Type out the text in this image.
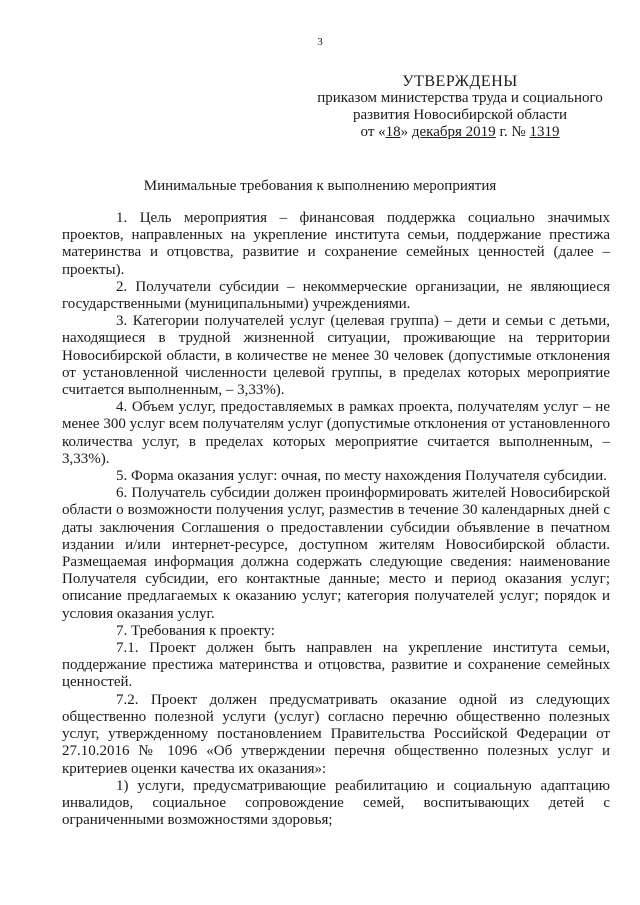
3
УТВЕРЖДЕНЫ
приказом министерства труда и социального
развития Новосибирской области
от «18» декабря 2019 г. № 1319
Минимальные требования к выполнению мероприятия

1. Цель мероприятия – финансовая поддержка социально значимых проектов, направленных на укрепление института семьи, поддержание престижа материнства и отцовства, развитие и сохранение семейных ценностей (далее – проекты).

2. Получатели субсидии – некоммерческие организации, не являющиеся государственными (муниципальными) учреждениями.

3. Категории получателей услуг (целевая группа) – дети и семьи с детьми, находящиеся в трудной жизненной ситуации, проживающие на территории Новосибирской области, в количестве не менее 30 человек (допустимые отклонения от установленной численности целевой группы, в пределах которых мероприятие считается выполненным, – 3,33%).

4. Объем услуг, предоставляемых в рамках проекта, получателям услуг – не менее 300 услуг всем получателям услуг (допустимые отклонения от установленного количества услуг, в пределах которых мероприятие считается выполненным, – 3,33%).

5. Форма оказания услуг: очная, по месту нахождения Получателя субсидии.

6. Получатель субсидии должен проинформировать жителей Новосибирской области о возможности получения услуг, разместив в течение 30 календарных дней с даты заключения Соглашения о предоставлении субсидии объявление в печатном издании и/или интернет-ресурсе, доступном жителям Новосибирской области. Размещаемая информация должна содержать следующие сведения: наименование Получателя субсидии, его контактные данные; место и период оказания услуг; описание предлагаемых к оказанию услуг; категория получателей услуг; порядок и условия оказания услуг.

7. Требования к проекту:

7.1. Проект должен быть направлен на укрепление института семьи, поддержание престижа материнства и отцовства, развитие и сохранение семейных ценностей.

7.2. Проект должен предусматривать оказание одной из следующих общественно полезной услуги (услуг) согласно перечню общественно полезных услуг, утвержденному постановлением Правительства Российской Федерации от 27.10.2016 № 1096 «Об утверждении перечня общественно полезных услуг и критериев оценки качества их оказания»:

1) услуги, предусматривающие реабилитацию и социальную адаптацию инвалидов, социальное сопровождение семей, воспитывающих детей с ограниченными возможностями здоровья;
